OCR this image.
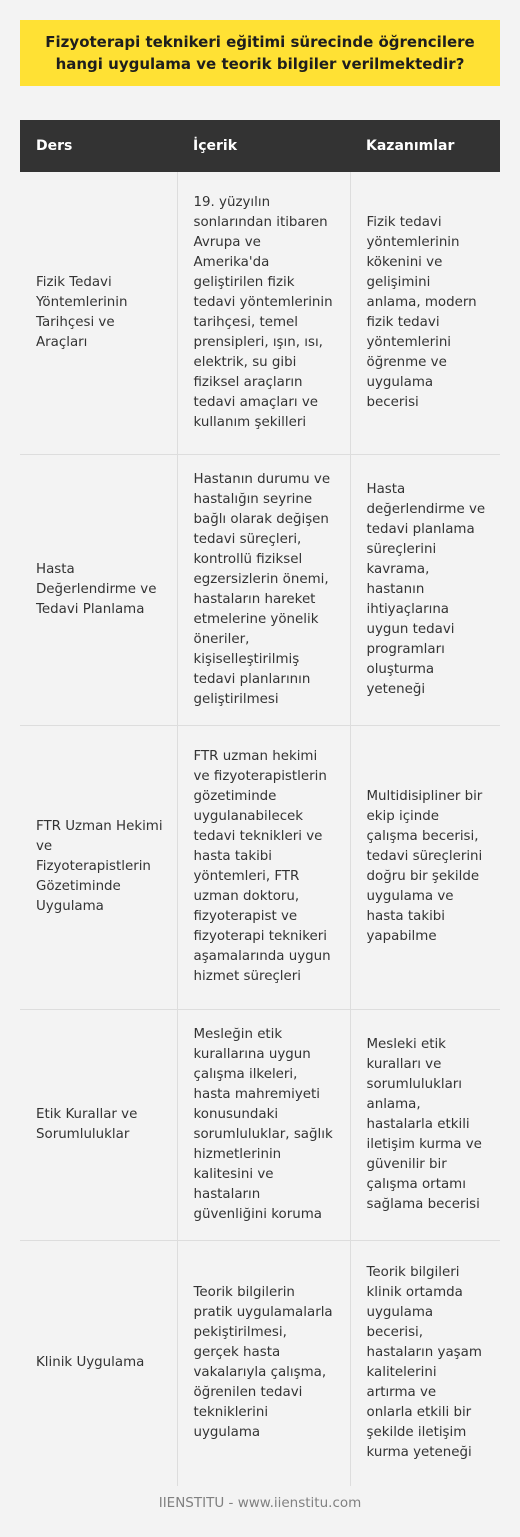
Fizyoterapi teknikeri eğitimi sürecinde öğrencilere hangi uygulama ve teorik bilgiler verilmektedir?
Ders	İçerik	Kazanımlar
Fizik Tedavi Yöntemlerinin Tarihçesi ve Araçları	19. yüzyılın sonlarından itibaren Avrupa ve Amerika'da geliştirilen fizik tedavi yöntemlerinin tarihçesi, temel prensipleri, ışın, ısı, elektrik, su gibi fiziksel araçların tedavi amaçları ve kullanım şekilleri	Fizik tedavi yöntemlerinin kökenini ve gelişimini anlama, modern fizik tedavi yöntemlerini öğrenme ve uygulama becerisi
Hasta Değerlendirme ve Tedavi Planlama	Hastanın durumu ve hastalığın seyrine bağlı olarak değişen tedavi süreçleri, kontrollü fiziksel egzersizlerin önemi, hastaların hareket etmelerine yönelik öneriler, kişiselleştirilmiş tedavi planlarının geliştirilmesi	Hasta değerlendirme ve tedavi planlama süreçlerini kavrama, hastanın ihtiyaçlarına uygun tedavi programları oluşturma yeteneği
FTR Uzman Hekimi ve Fizyoterapistlerin Gözetiminde Uygulama	FTR uzman hekimi ve fizyoterapistlerin gözetiminde uygulanabilecek tedavi teknikleri ve hasta takibi yöntemleri, FTR uzman doktoru, fizyoterapist ve fizyoterapi teknikeri aşamalarında uygun hizmet süreçleri	Multidisipliner bir ekip içinde çalışma becerisi, tedavi süreçlerini doğru bir şekilde uygulama ve hasta takibi yapabilme
Etik Kurallar ve Sorumluluklar	Mesleğin etik kurallarına uygun çalışma ilkeleri, hasta mahremiyeti konusundaki sorumluluklar, sağlık hizmetlerinin kalitesini ve hastaların güvenliğini koruma	Mesleki etik kuralları ve sorumlulukları anlama, hastalarla etkili iletişim kurma ve güvenilir bir çalışma ortamı sağlama becerisi
Klinik Uygulama	Teorik bilgilerin pratik uygulamalarla pekiştirilmesi, gerçek hasta vakalarıyla çalışma, öğrenilen tedavi tekniklerini uygulama	Teorik bilgileri klinik ortamda uygulama becerisi, hastaların yaşam kalitelerini artırma ve onlarla etkili bir şekilde iletişim kurma yeteneği
IIENSTITU - www.iienstitu.com
